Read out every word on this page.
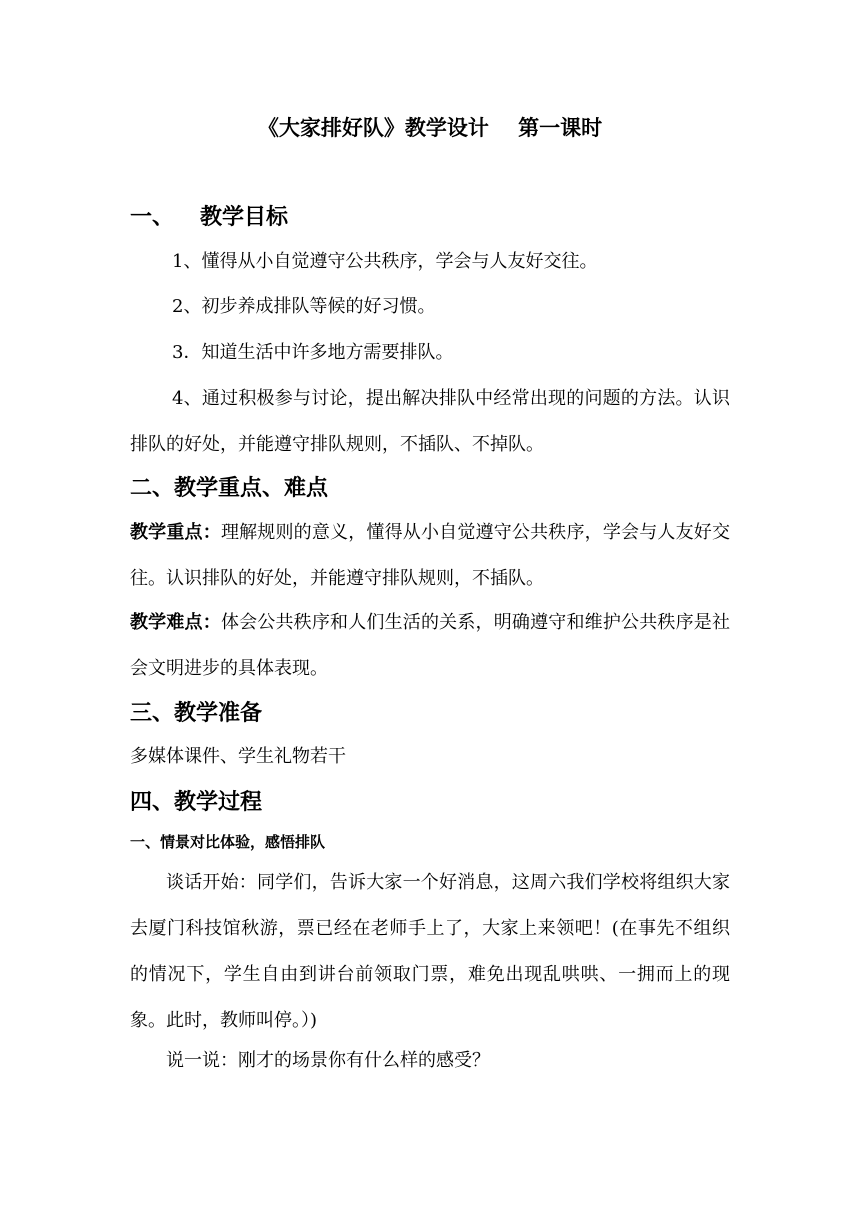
《大家排好队》教学设计    第一课时
一、 教学目标
1、懂得从小自觉遵守公共秩序，学会与人友好交往。
2、初步养成排队等候的好习惯。
3．知道生活中许多地方需要排队。
4、通过积极参与讨论，提出解决排队中经常出现的问题的方法。认识排队的好处，并能遵守排队规则，不插队、不掉队。
二、教学重点、难点
教学重点：理解规则的意义，懂得从小自觉遵守公共秩序，学会与人友好交往。认识排队的好处，并能遵守排队规则，不插队。
教学难点：体会公共秩序和人们生活的关系，明确遵守和维护公共秩序是社会文明进步的具体表现。
三、教学准备
多媒体课件、学生礼物若干
四、教学过程
一、情景对比体验，感悟排队
谈话开始：同学们，告诉大家一个好消息，这周六我们学校将组织大家去厦门科技馆秋游，票已经在老师手上了，大家上来领吧！(在事先不组织的情况下，学生自由到讲台前领取门票，难免出现乱哄哄、一拥而上的现象。此时，教师叫停。）)
说一说：刚才的场景你有什么样的感受？
